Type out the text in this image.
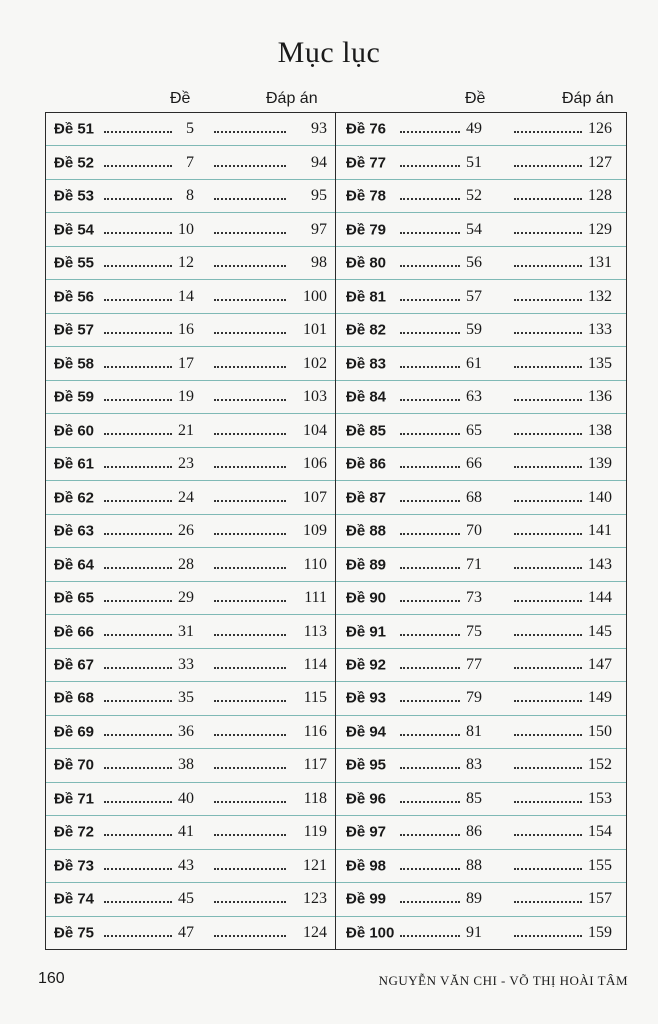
Mục lục
Đề	Đáp án	Đề	Đáp án
Đề 51	5	93
Đề 52	7	94
Đề 53	8	95
Đề 54	10	97
Đề 55	12	98
Đề 56	14	100
Đề 57	16	101
Đề 58	17	102
Đề 59	19	103
Đề 60	21	104
Đề 61	23	106
Đề 62	24	107
Đề 63	26	109
Đề 64	28	110
Đề 65	29	111
Đề 66	31	113
Đề 67	33	114
Đề 68	35	115
Đề 69	36	116
Đề 70	38	117
Đề 71	40	118
Đề 72	41	119
Đề 73	43	121
Đề 74	45	123
Đề 75	47	124
Đề 76	49	126
Đề 77	51	127
Đề 78	52	128
Đề 79	54	129
Đề 80	56	131
Đề 81	57	132
Đề 82	59	133
Đề 83	61	135
Đề 84	63	136
Đề 85	65	138
Đề 86	66	139
Đề 87	68	140
Đề 88	70	141
Đề 89	71	143
Đề 90	73	144
Đề 91	75	145
Đề 92	77	147
Đề 93	79	149
Đề 94	81	150
Đề 95	83	152
Đề 96	85	153
Đề 97	86	154
Đề 98	88	155
Đề 99	89	157
Đề 100	91	159
160	NGUYỄN VĂN CHI - VÕ THỊ HOÀI TÂM
